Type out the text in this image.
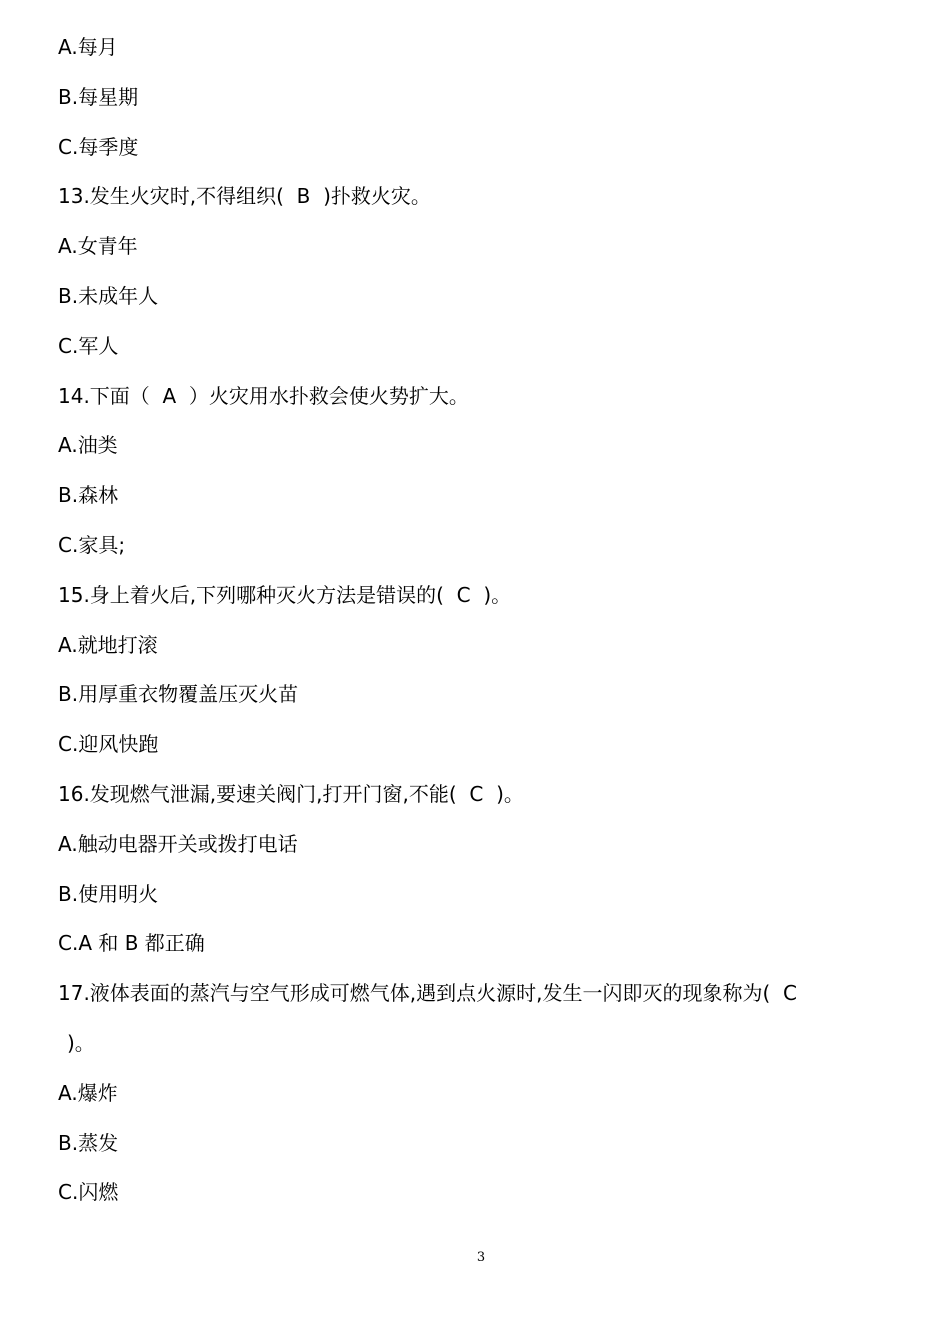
A.每月
B.每星期
C.每季度
13.发生火灾时,不得组织(  B  )扑救火灾。
A.女青年
B.未成年人
C.军人
14.下面（  A  ）火灾用水扑救会使火势扩大。
A.油类
B.森林
C.家具;
15.身上着火后,下列哪种灭火方法是错误的(  C  )。
A.就地打滚
B.用厚重衣物覆盖压灭火苗
C.迎风快跑
16.发现燃气泄漏,要速关阀门,打开门窗,不能(  C  )。
A.触动电器开关或拨打电话
B.使用明火
C.A 和 B 都正确
17.液体表面的蒸汽与空气形成可燃气体,遇到点火源时,发生一闪即灭的现象称为(  C
)。
A.爆炸
B.蒸发
C.闪燃
3
